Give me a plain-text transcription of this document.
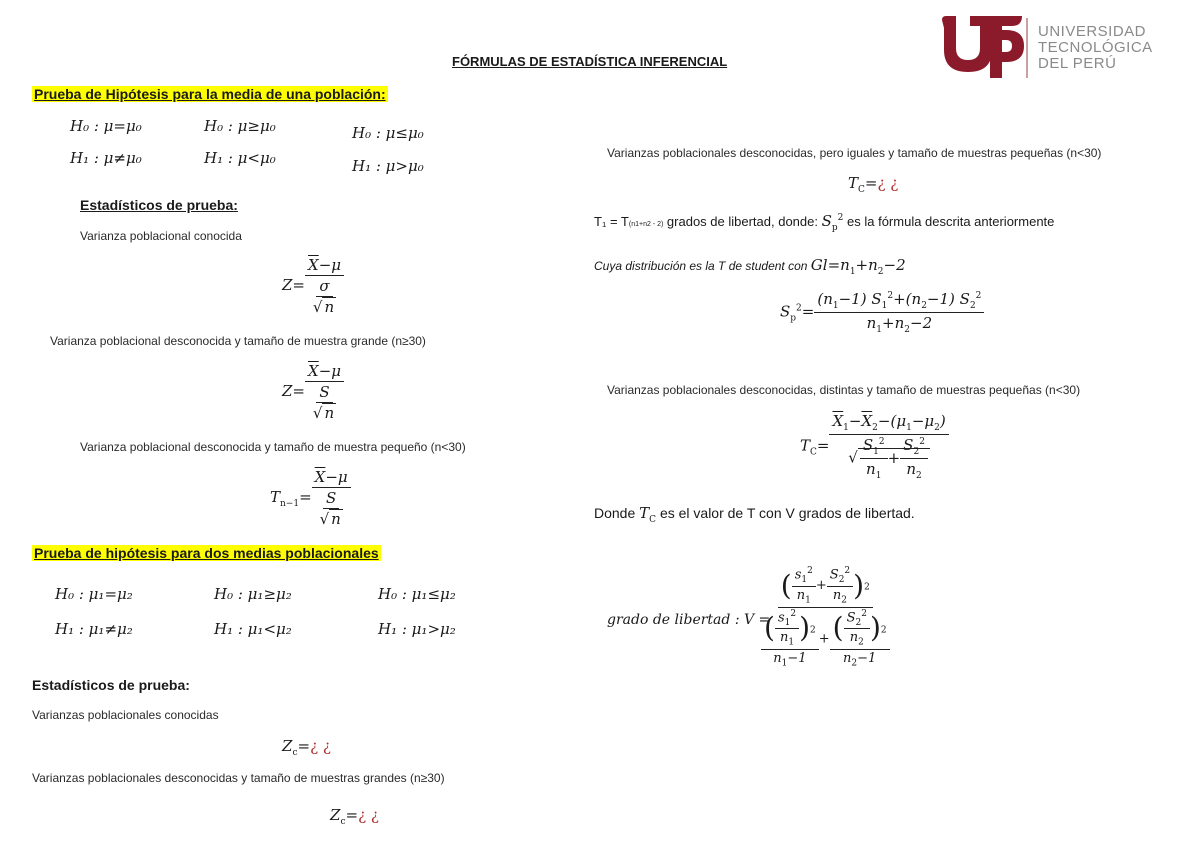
FÓRMULAS DE ESTADÍSTICA INFERENCIAL
UNIVERSIDAD
TECNOLÓGICA
DEL PERÚ
Prueba de Hipótesis para la media de una población:
H₀ : μ=μ₀
H₁ : μ≠μ₀
H₀ : μ≥μ₀
H₁ : μ<μ₀
H₀ : μ≤μ₀
H₁ : μ>μ₀
Estadísticos de prueba:
Varianza poblacional conocida
$Z= \frac{\overline{X}-\mu}{\frac{\sigma}{√ n}}$
Varianza poblacional desconocida y tamaño de muestra grande (n≥30)
$Z= \frac{\overline{X}-\mu}{\frac{S}{√ n}}$
Varianza poblacional desconocida y tamaño de muestra pequeño (n<30)
$T_{n-1}= \frac{\overline{X}-\mu}{\frac{S}{√ n}}$
Prueba de hipótesis para dos medias poblacionales
H₀ : μ₁=μ₂
H₁ : μ₁≠μ₂
H₀ : μ₁≥μ₂
H₁ : μ₁<μ₂
H₀ : μ₁≤μ₂
H₁ : μ₁>μ₂
Estadísticos de prueba:
Varianzas poblacionales conocidas
$Z_c=¿$ ¿
Varianzas poblacionales desconocidas y tamaño de muestras grandes (n≥30)
$Z_c=¿$ ¿
Varianzas poblacionales desconocidas, pero iguales y tamaño de muestras pequeñas (n<30)
$T_C=¿$ ¿
T₁ = T(n1+n2 - 2) grados de libertad, donde: $S_p^2$ es la fórmula descrita anteriormente
Cuya distribución es la T de student con $Gl=n_1+n_2-2$
$S_p^2= \frac{(n_1-1) S_1^2+(n_2-1) S_2^2}{n_1+n_2-2}$
Varianzas poblacionales desconocidas, distintas y tamaño de muestras pequeñas (n<30)
$T_C= \frac{\overline{X}_1-\overline{X}_2-(\mu_1-\mu_2)}{√ \frac{S_1^2}{n_1} + \frac{S_2^2}{n_2}}$
Donde $T_C$ es el valor de T con V grados de libertad.
grado de libertad : V =
$\frac{( \frac{s_1^2}{n_1} + \frac{S_2^2}{n_2} ) ^2}{\frac{( \frac{s_1^2}{n_1} ) ^2}{n_1-1} + \frac{( \frac{S_2^2}{n_2} ) ^2}{n_2-1}}$
